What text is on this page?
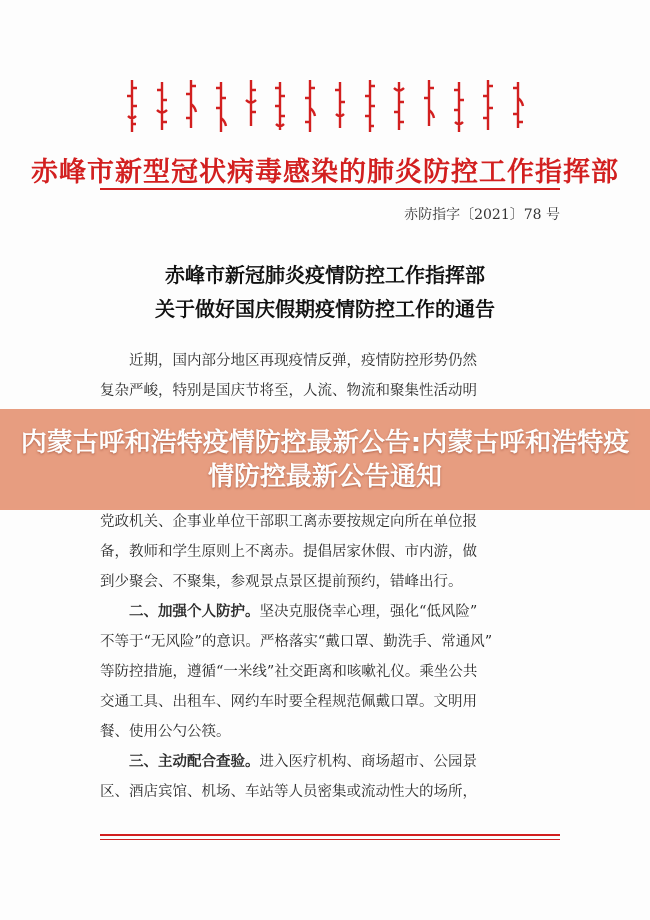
赤峰市新型冠状病毒感染的肺炎防控工作指挥部
赤防指字〔2021〕78 号
赤峰市新冠肺炎疫情防控工作指挥部
关于做好国庆假期疫情防控工作的通告

近期，国内部分地区再现疫情反弹，疫情防控形势仍然

复杂严峻，特别是国庆节将至，人流、物流和聚集性活动明

内蒙古呼和浩特疫情防控最新公告:内蒙古呼和浩特疫情防控最新公告通知

党政机关、企事业单位干部职工离赤要按规定向所在单位报

备，教师和学生原则上不离赤。提倡居家休假、市内游，做

到少聚会、不聚集，参观景点景区提前预约，错峰出行。

二、加强个人防护。坚决克服侥幸心理，强化“低风险”

不等于“无风险”的意识。严格落实“戴口罩、勤洗手、常通风”

等防控措施，遵循“一米线”社交距离和咳嗽礼仪。乘坐公共

交通工具、出租车、网约车时要全程规范佩戴口罩。文明用

餐、使用公勺公筷。

三、主动配合查验。进入医疗机构、商场超市、公园景

区、酒店宾馆、机场、车站等人员密集或流动性大的场所，
